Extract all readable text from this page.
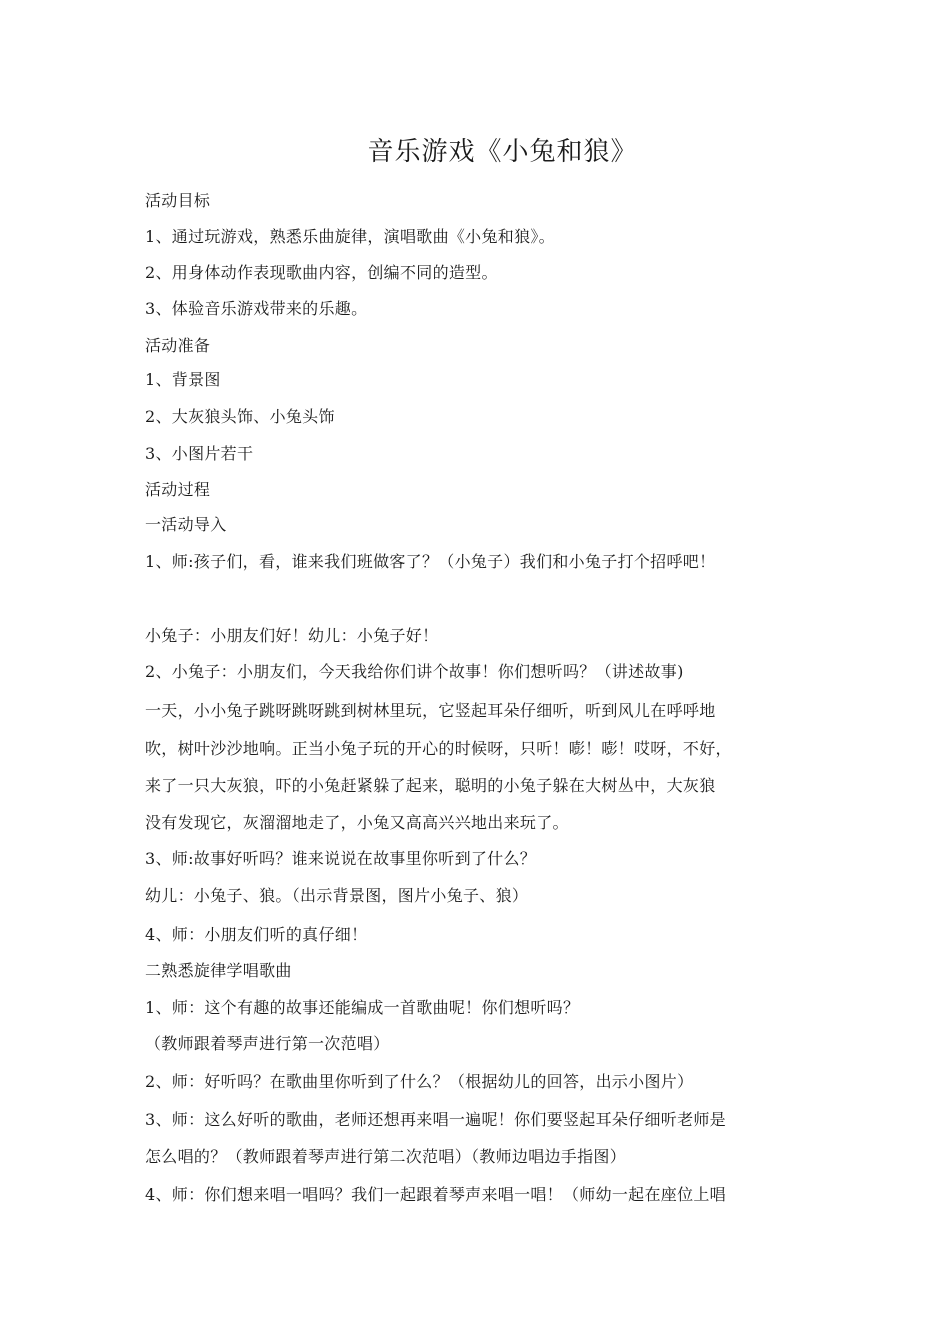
音乐游戏《小兔和狼》
活动目标
1、通过玩游戏，熟悉乐曲旋律，演唱歌曲《小兔和狼》。
2、用身体动作表现歌曲内容，创编不同的造型。
3、体验音乐游戏带来的乐趣。
活动准备
1、背景图
2、大灰狼头饰、小兔头饰
3、小图片若干
活动过程
一活动导入
1、师:孩子们，看，谁来我们班做客了？（小兔子）我们和小兔子打个招呼吧！
小兔子：小朋友们好！幼儿：小兔子好！
2、小兔子：小朋友们，今天我给你们讲个故事！你们想听吗？（讲述故事)
一天，小小兔子跳呀跳呀跳到树林里玩，它竖起耳朵仔细听，听到风儿在呼呼地
吹，树叶沙沙地响。正当小兔子玩的开心的时候呀，只听！嘭！嘭！哎呀，不好，
来了一只大灰狼，吓的小兔赶紧躲了起来，聪明的小兔子躲在大树丛中，大灰狼
没有发现它，灰溜溜地走了，小兔又高高兴兴地出来玩了。
3、师:故事好听吗？谁来说说在故事里你听到了什么？
幼儿：小兔子、狼。（出示背景图，图片小兔子、狼）
4、师：小朋友们听的真仔细！
二熟悉旋律学唱歌曲
1、师：这个有趣的故事还能编成一首歌曲呢！你们想听吗？
（教师跟着琴声进行第一次范唱）
2、师：好听吗？在歌曲里你听到了什么？（根据幼儿的回答，出示小图片）
3、师：这么好听的歌曲，老师还想再来唱一遍呢！你们要竖起耳朵仔细听老师是
怎么唱的？（教师跟着琴声进行第二次范唱）（教师边唱边手指图）
4、师：你们想来唱一唱吗？我们一起跟着琴声来唱一唱！（师幼一起在座位上唱
